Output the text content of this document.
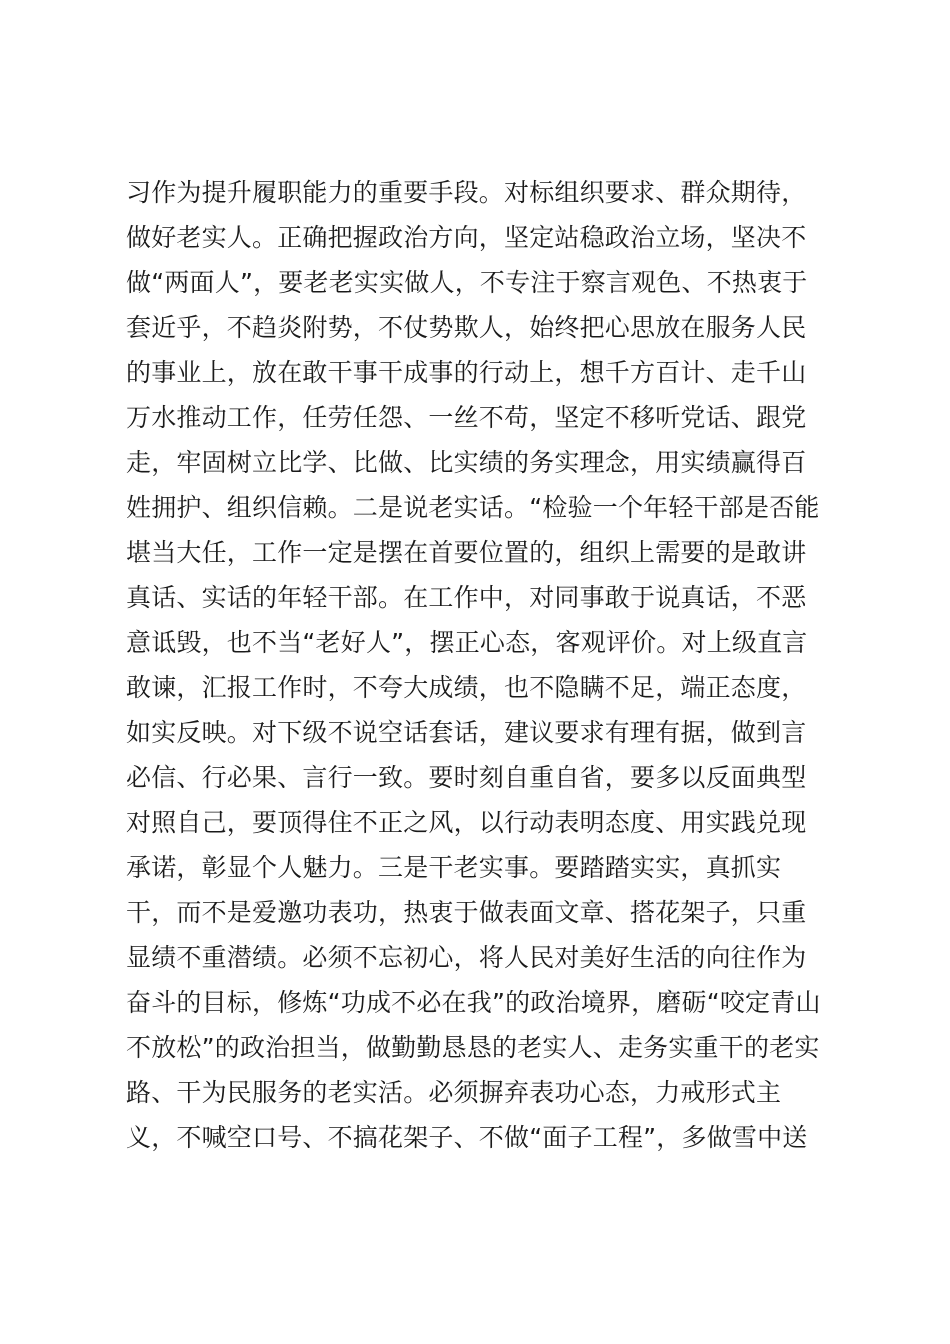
习作为提升履职能力的重要手段。对标组织要求、群众期待，
做好老实人。正确把握政治方向，坚定站稳政治立场，坚决不
做“两面人”，要老老实实做人，不专注于察言观色、不热衷于
套近乎，不趋炎附势，不仗势欺人，始终把心思放在服务人民
的事业上，放在敢干事干成事的行动上，想千方百计、走千山
万水推动工作，任劳任怨、一丝不苟，坚定不移听党话、跟党
走，牢固树立比学、比做、比实绩的务实理念，用实绩赢得百
姓拥护、组织信赖。二是说老实话。“检验一个年轻干部是否能
堪当大任，工作一定是摆在首要位置的，组织上需要的是敢讲
真话、实话的年轻干部。在工作中，对同事敢于说真话，不恶
意诋毁，也不当“老好人”，摆正心态，客观评价。对上级直言
敢谏，汇报工作时，不夸大成绩，也不隐瞒不足，端正态度，
如实反映。对下级不说空话套话，建议要求有理有据，做到言
必信、行必果、言行一致。要时刻自重自省，要多以反面典型
对照自己，要顶得住不正之风，以行动表明态度、用实践兑现
承诺，彰显个人魅力。三是干老实事。要踏踏实实，真抓实
干，而不是爱邀功表功，热衷于做表面文章、搭花架子，只重
显绩不重潜绩。必须不忘初心，将人民对美好生活的向往作为
奋斗的目标，修炼“功成不必在我”的政治境界，磨砺“咬定青山
不放松”的政治担当，做勤勤恳恳的老实人、走务实重干的老实
路、干为民服务的老实活。必须摒弃表功心态，力戒形式主
义，不喊空口号、不搞花架子、不做“面子工程”，多做雪中送
